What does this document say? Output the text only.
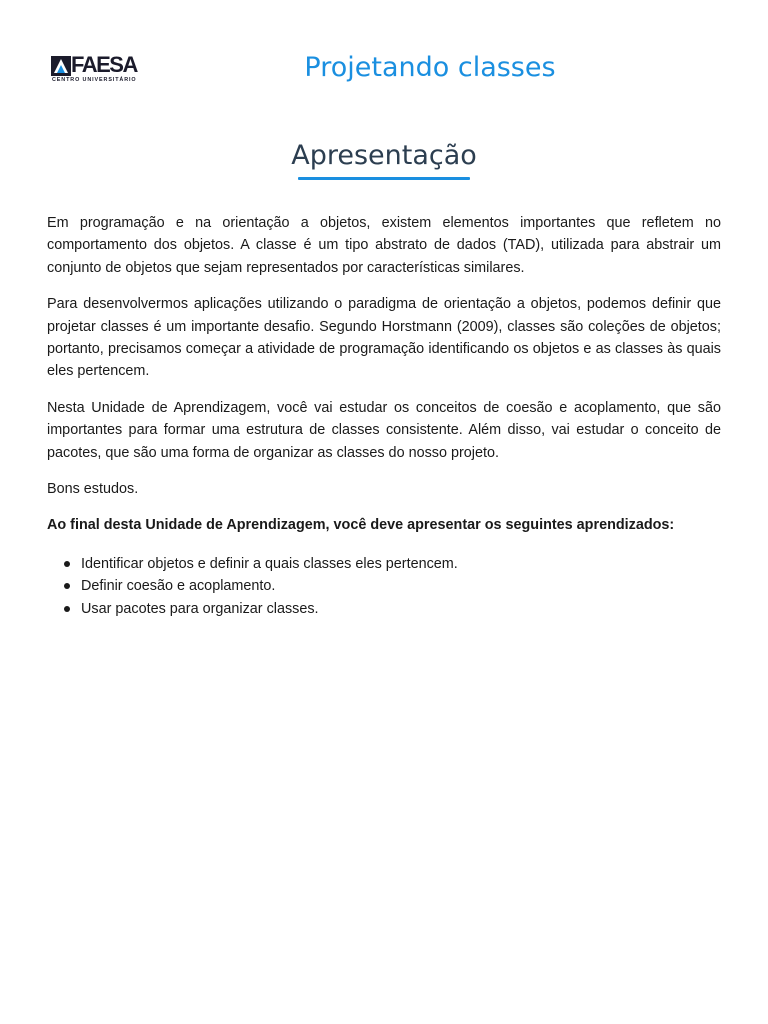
FAESA
CENTRO UNIVERSITÁRIO	Projetando classes
Apresentação

Em programação e na orientação a objetos, existem elementos importantes que refletem no comportamento dos objetos. A classe é um tipo abstrato de dados (TAD), utilizada para abstrair um conjunto de objetos que sejam representados por características similares.

Para desenvolvermos aplicações utilizando o paradigma de orientação a objetos, podemos definir que projetar classes é um importante desafio. Segundo Horstmann (2009), classes são coleções de objetos; portanto, precisamos começar a atividade de programação identificando os objetos e as classes às quais eles pertencem.

Nesta Unidade de Aprendizagem, você vai estudar os conceitos de coesão e acoplamento, que são importantes para formar uma estrutura de classes consistente. Além disso, vai estudar o conceito de pacotes, que são uma forma de organizar as classes do nosso projeto.

Bons estudos.

Ao final desta Unidade de Aprendizagem, você deve apresentar os seguintes aprendizados:

Identificar objetos e definir a quais classes eles pertencem.
Definir coesão e acoplamento.
Usar pacotes para organizar classes.
